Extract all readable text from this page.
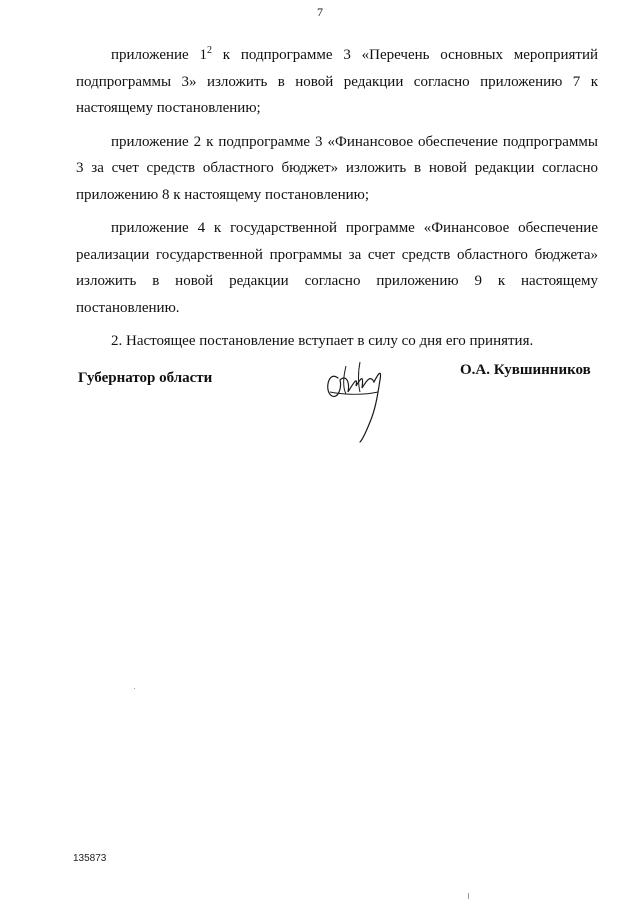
7

приложение $1^2$ к подпрограмме 3 «Перечень основных мероприятий подпрограммы 3» изложить в новой редакции согласно приложению 7 к настоящему постановлению;

приложение 2 к подпрограмме 3 «Финансовое обеспечение подпрограммы 3 за счет средств областного бюджет» изложить в новой редакции согласно приложению 8 к настоящему постановлению;

приложение 4 к государственной программе «Финансовое обеспечение реализации государственной программы за счет средств областного бюджета» изложить в новой редакции согласно приложению 9 к настоящему постановлению.

2. Настоящее постановление вступает в силу со дня его принятия.

Губернатор области	О.А. Кувшинников
135873
